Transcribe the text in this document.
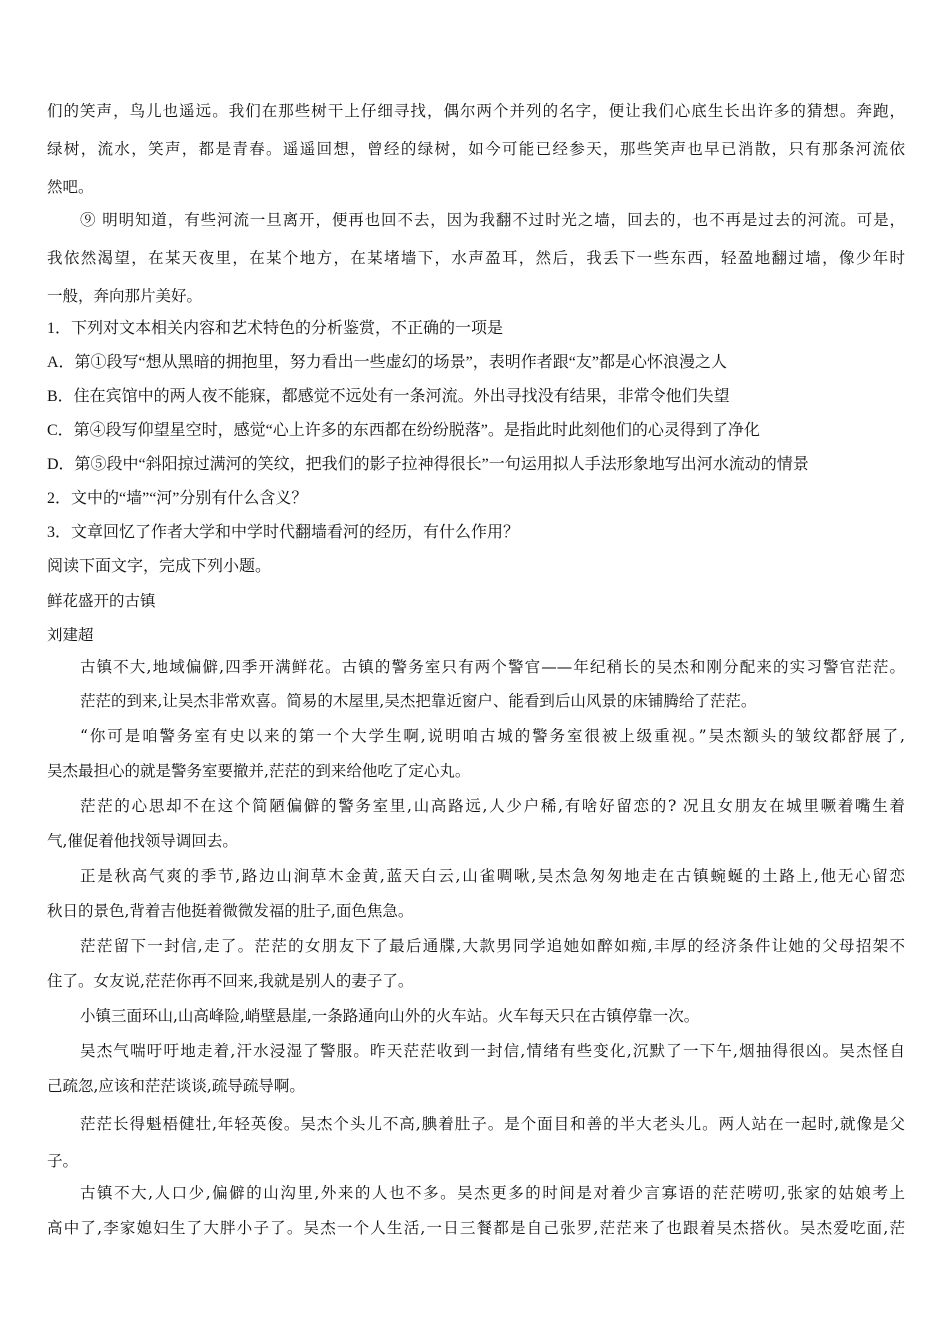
们的笑声，鸟儿也遥远。我们在那些树干上仔细寻找，偶尔两个并列的名字，便让我们心底生长出许多的猜想。奔跑，
绿树，流水，笑声，都是青春。遥遥回想，曾经的绿树，如今可能已经参天，那些笑声也早已消散，只有那条河流依
然吧。
⑨ 明明知道，有些河流一旦离开，便再也回不去，因为我翻不过时光之墙，回去的，也不再是过去的河流。可是，
我依然渴望，在某天夜里，在某个地方，在某堵墙下，水声盈耳，然后，我丢下一些东西，轻盈地翻过墙，像少年时
一般，奔向那片美好。
1．下列对文本相关内容和艺术特色的分析鉴赏，不正确的一项是
A．第①段写“想从黑暗的拥抱里，努力看出一些虚幻的场景”，表明作者跟“友”都是心怀浪漫之人
B．住在宾馆中的两人夜不能寐，都感觉不远处有一条河流。外出寻找没有结果，非常令他们失望
C．第④段写仰望星空时，感觉“心上许多的东西都在纷纷脱落”。是指此时此刻他们的心灵得到了净化
D．第⑤段中“斜阳掠过满河的笑纹，把我们的影子拉神得很长”一句运用拟人手法形象地写出河水流动的情景
2．文中的“墙”“河”分别有什么含义？
3．文章回忆了作者大学和中学时代翻墙看河的经历，有什么作用？
阅读下面文字，完成下列小题。
鲜花盛开的古镇
刘建超
古镇不大,地域偏僻,四季开满鲜花。古镇的警务室只有两个警官——年纪稍长的吴杰和刚分配来的实习警官茫茫。
茫茫的到来,让吴杰非常欢喜。简易的木屋里,吴杰把靠近窗户、能看到后山风景的床铺腾给了茫茫。
“你可是咱警务室有史以来的第一个大学生啊,说明咱古城的警务室很被上级重视。”吴杰额头的皱纹都舒展了,
吴杰最担心的就是警务室要撤并,茫茫的到来给他吃了定心丸。
茫茫的心思却不在这个简陋偏僻的警务室里,山高路远,人少户稀,有啥好留恋的? 况且女朋友在城里噘着嘴生着
气,催促着他找领导调回去。
正是秋高气爽的季节,路边山涧草木金黄,蓝天白云,山雀啁啾,吴杰急匆匆地走在古镇蜿蜒的土路上,他无心留恋
秋日的景色,背着吉他挺着微微发福的肚子,面色焦急。
茫茫留下一封信,走了。茫茫的女朋友下了最后通牒,大款男同学追她如醉如痴,丰厚的经济条件让她的父母招架不
住了。女友说,茫茫你再不回来,我就是别人的妻子了。
小镇三面环山,山高峰险,峭壁悬崖,一条路通向山外的火车站。火车每天只在古镇停靠一次。
吴杰气喘吁吁地走着,汗水浸湿了警服。昨天茫茫收到一封信,情绪有些变化,沉默了一下午,烟抽得很凶。吴杰怪自
己疏忽,应该和茫茫谈谈,疏导疏导啊。
茫茫长得魁梧健壮,年轻英俊。吴杰个头儿不高,腆着肚子。是个面目和善的半大老头儿。两人站在一起时,就像是父
子。
古镇不大,人口少,偏僻的山沟里,外来的人也不多。吴杰更多的时间是对着少言寡语的茫茫唠叨,张家的姑娘考上
高中了,李家媳妇生了大胖小子了。吴杰一个人生活,一日三餐都是自己张罗,茫茫来了也跟着吴杰搭伙。吴杰爱吃面,茫
